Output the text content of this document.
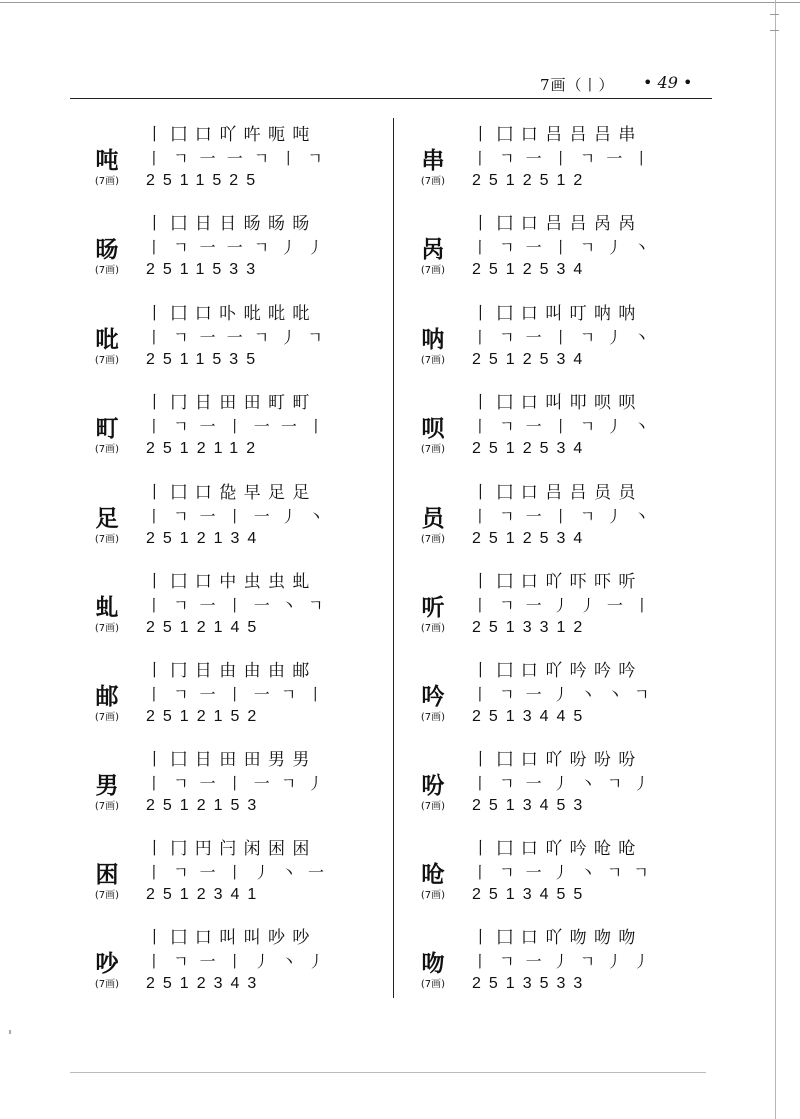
7画（丨） • 49 •
吨
(7画)
丨 ⼞ ⼝ 吖 吘 呃 吨
丨 ㄱ 一 一 ㄱ 丨 ㄱ
2511525
旸
(7画)
丨 ⼞ 日 日 旸 旸 旸
丨 ㄱ 一 一 ㄱ 丿 丿
2511533
吡
(7画)
丨 ⼞ ⼝ 卟 吡 吡 吡
丨 ㄱ 一 一 ㄱ 丿 ㄱ
2511535
町
(7画)
丨 冂 日 田 田 町 町
丨 ㄱ 一 丨 一 一 丨
2512112
足
(7画)
丨 ⼞ ⼝ 㖌 早 足 足
丨 ㄱ 一 丨 一 丿 丶
2512134
虬
(7画)
丨 ⼞ ⼝ 中 虫 虫 虬
丨 ㄱ 一 丨 一 丶 ㄱ
2512145
邮
(7画)
丨 冂 日 由 由 由 邮
丨 ㄱ 一 丨 一 ㄱ 丨
2512152
男
(7画)
丨 ⼞ 日 田 田 男 男
丨 ㄱ 一 丨 一 ㄱ 丿
2512153
困
(7画)
丨 冂 円 闩 闲 困 困
丨 ㄱ 一 丨 丿 丶 一
2512341
吵
(7画)
丨 ⼞ ⼝ 叫 叫 吵 吵
丨 ㄱ 一 丨 丿 丶 丿
2512343
串
(7画)
丨 ⼞ ⼝ 吕 吕 吕 串
丨 ㄱ 一 丨 ㄱ 一 丨
2512512
呙
(7画)
丨 ⼞ ⼝ 吕 吕 呙 呙
丨 ㄱ 一 丨 ㄱ 丿 丶
2512534
呐
(7画)
丨 ⼞ ⼝ 叫 叮 呐 呐
丨 ㄱ 一 丨 ㄱ 丿 丶
2512534
呗
(7画)
丨 ⼞ ⼝ 叫 叩 呗 呗
丨 ㄱ 一 丨 ㄱ 丿 丶
2512534
员
(7画)
丨 ⼞ ⼝ 吕 吕 员 员
丨 ㄱ 一 丨 ㄱ 丿 丶
2512534
听
(7画)
丨 ⼞ ⼝ 吖 吓 吓 听
丨 ㄱ 一 丿 丿 一 丨
2513312
吟
(7画)
丨 ⼞ ⼝ 吖 吟 吟 吟
丨 ㄱ 一 丿 丶 丶 ㄱ
2513445
吩
(7画)
丨 ⼞ ⼝ 吖 吩 吩 吩
丨 ㄱ 一 丿 丶 ㄱ 丿
2513453
呛
(7画)
丨 ⼞ ⼝ 吖 吟 呛 呛
丨 ㄱ 一 丿 丶 ㄱ ㄱ
2513455
吻
(7画)
丨 ⼞ ⼝ 吖 吻 吻 吻
丨 ㄱ 一 丿 ㄱ 丿 丿
2513533
